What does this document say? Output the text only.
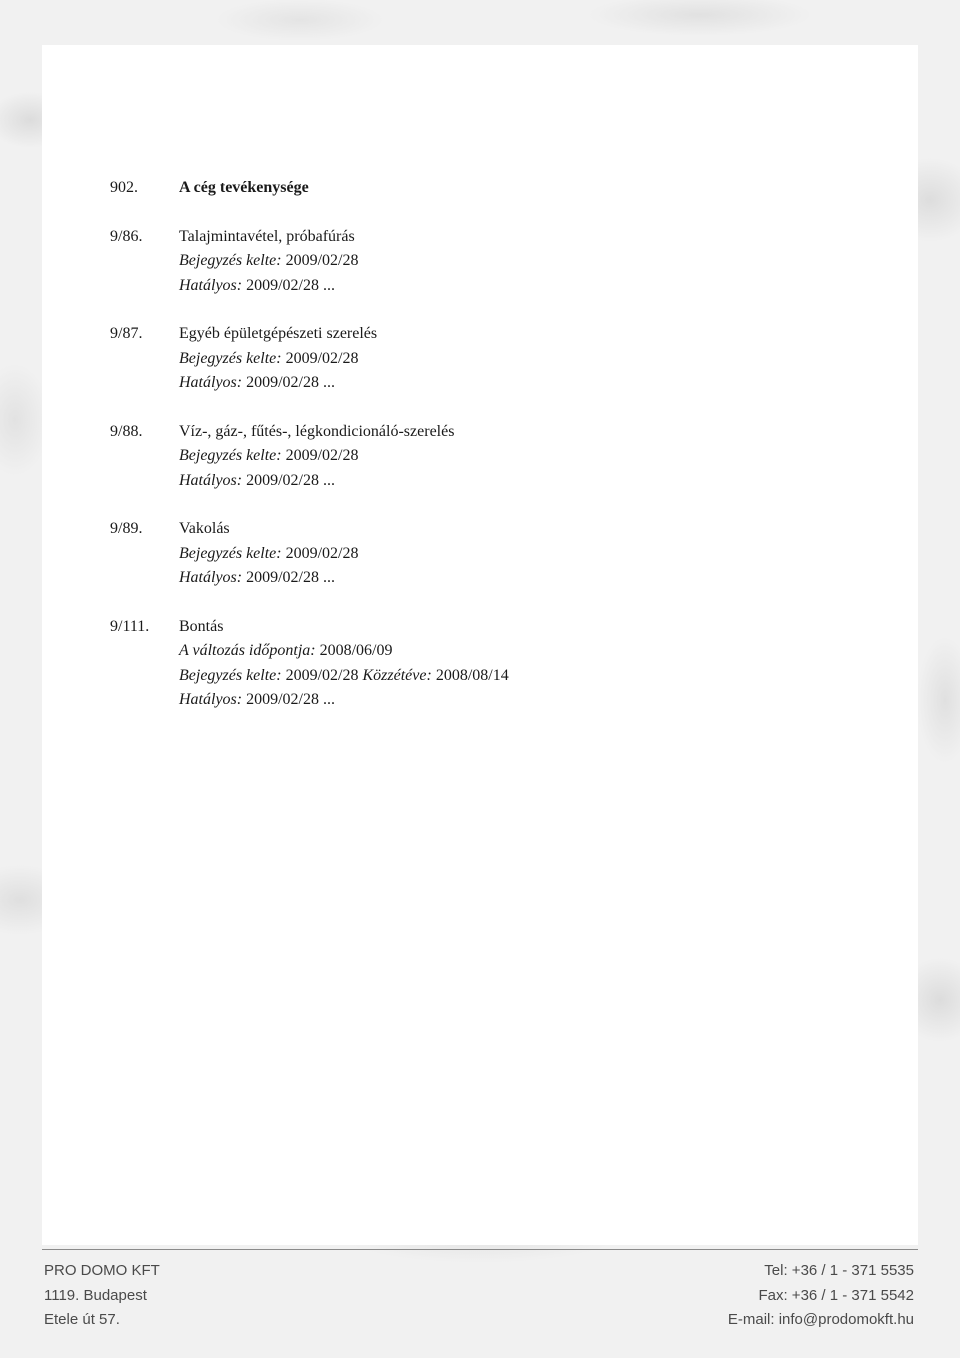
902.	A cég tevékenysége
9/86.	Talajmintavétel, próbafúrás
Bejegyzés kelte: 2009/02/28
Hatályos: 2009/02/28 ...
9/87.	Egyéb épületgépészeti szerelés
Bejegyzés kelte: 2009/02/28
Hatályos: 2009/02/28 ...
9/88.	Víz-, gáz-, fűtés-, légkondicionáló-szerelés
Bejegyzés kelte: 2009/02/28
Hatályos: 2009/02/28 ...
9/89.	Vakolás
Bejegyzés kelte: 2009/02/28
Hatályos: 2009/02/28 ...
9/111.	Bontás
A változás időpontja: 2008/06/09
Bejegyzés kelte: 2009/02/28 Közzétéve: 2008/08/14
Hatályos: 2009/02/28 ...
PRO DOMO KFT
1119. Budapest
Etele út 57.
Tel: +36 / 1 - 371 5535
Fax: +36 / 1 - 371 5542
E-mail: info@prodomokft.hu
